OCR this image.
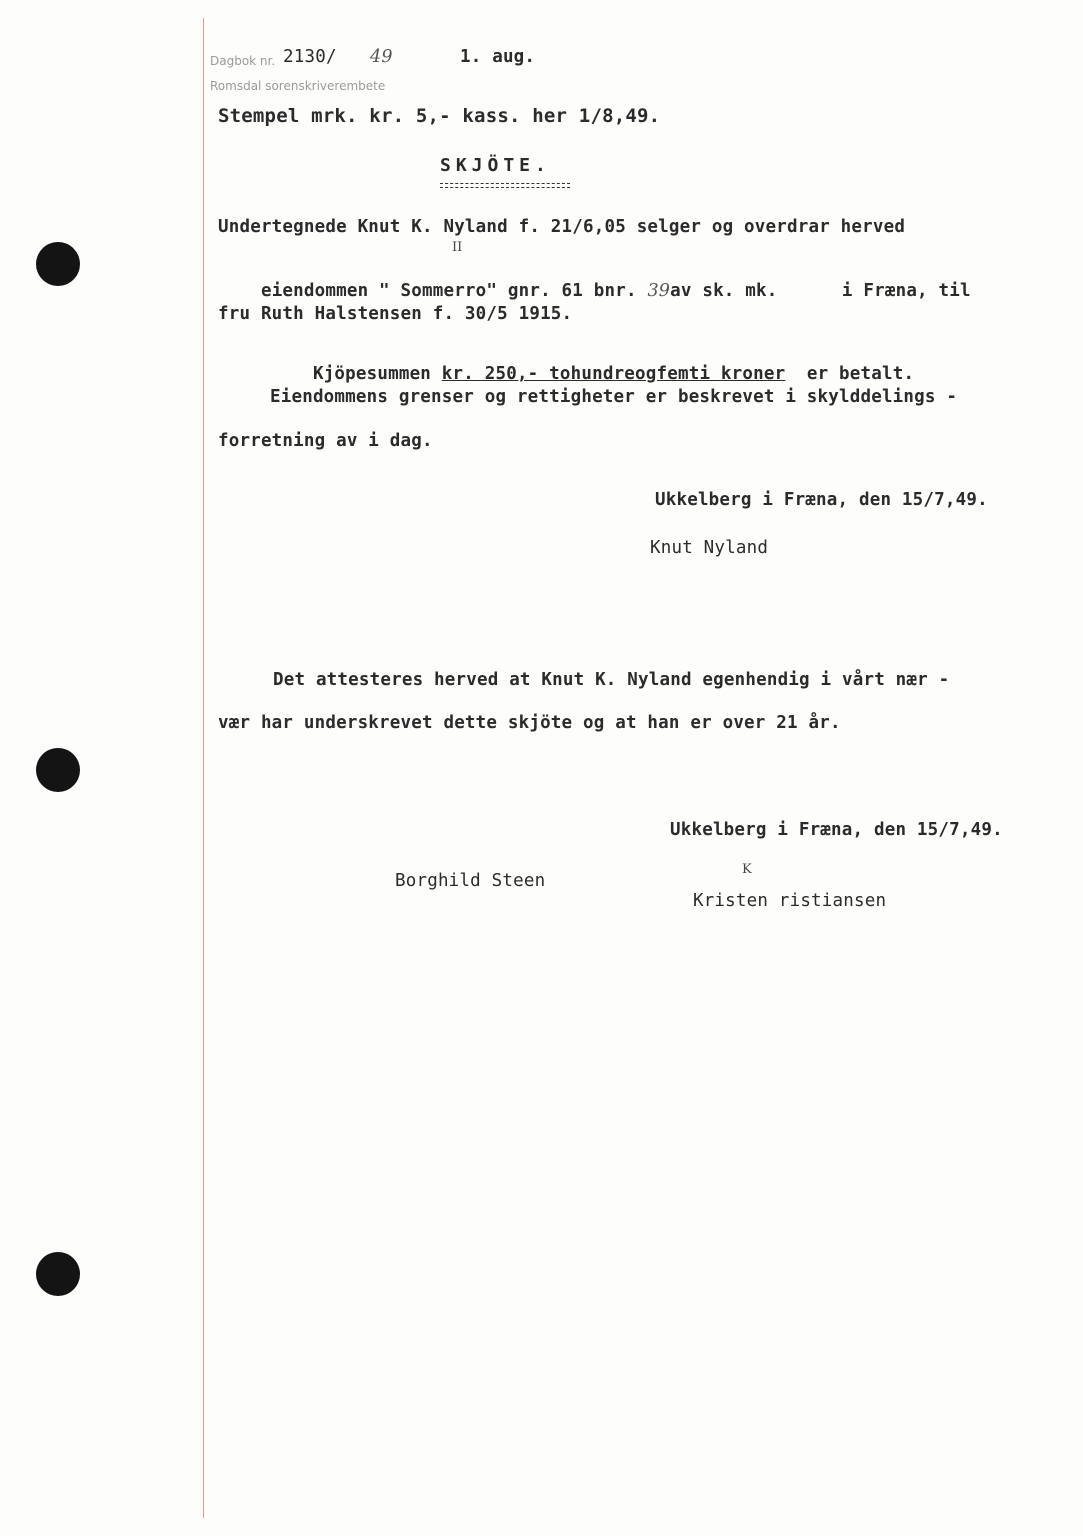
Dagbok nr. 2130/ 49	1. aug.
Romsdal sorenskriverembete
Stempel mrk. kr. 5,- kass. her 1/8,49.
SKJÖTE.
Undertegnede Knut K. Nyland f. 21/6,05 selger og overdrar herved
II

eiendommen " Sommerro" gnr. 61 bnr. 39av sk. mk.      i Fræna, til

fru Ruth Halstensen f. 30/5 1915.

Kjöpesummen kr. 250,- tohundreogfemti kroner  er betalt.

Eiendommens grenser og rettigheter er beskrevet i skylddelings -
forretning av i dag.
Ukkelberg i Fræna, den 15/7,49.
Knut Nyland
Det attesteres herved at Knut K. Nyland egenhendig i vårt nær -
vær har underskrevet dette skjöte og at han er over 21 år.
Ukkelberg i Fræna, den 15/7,49.
Borghild Steen
K

Kristen ristiansen
